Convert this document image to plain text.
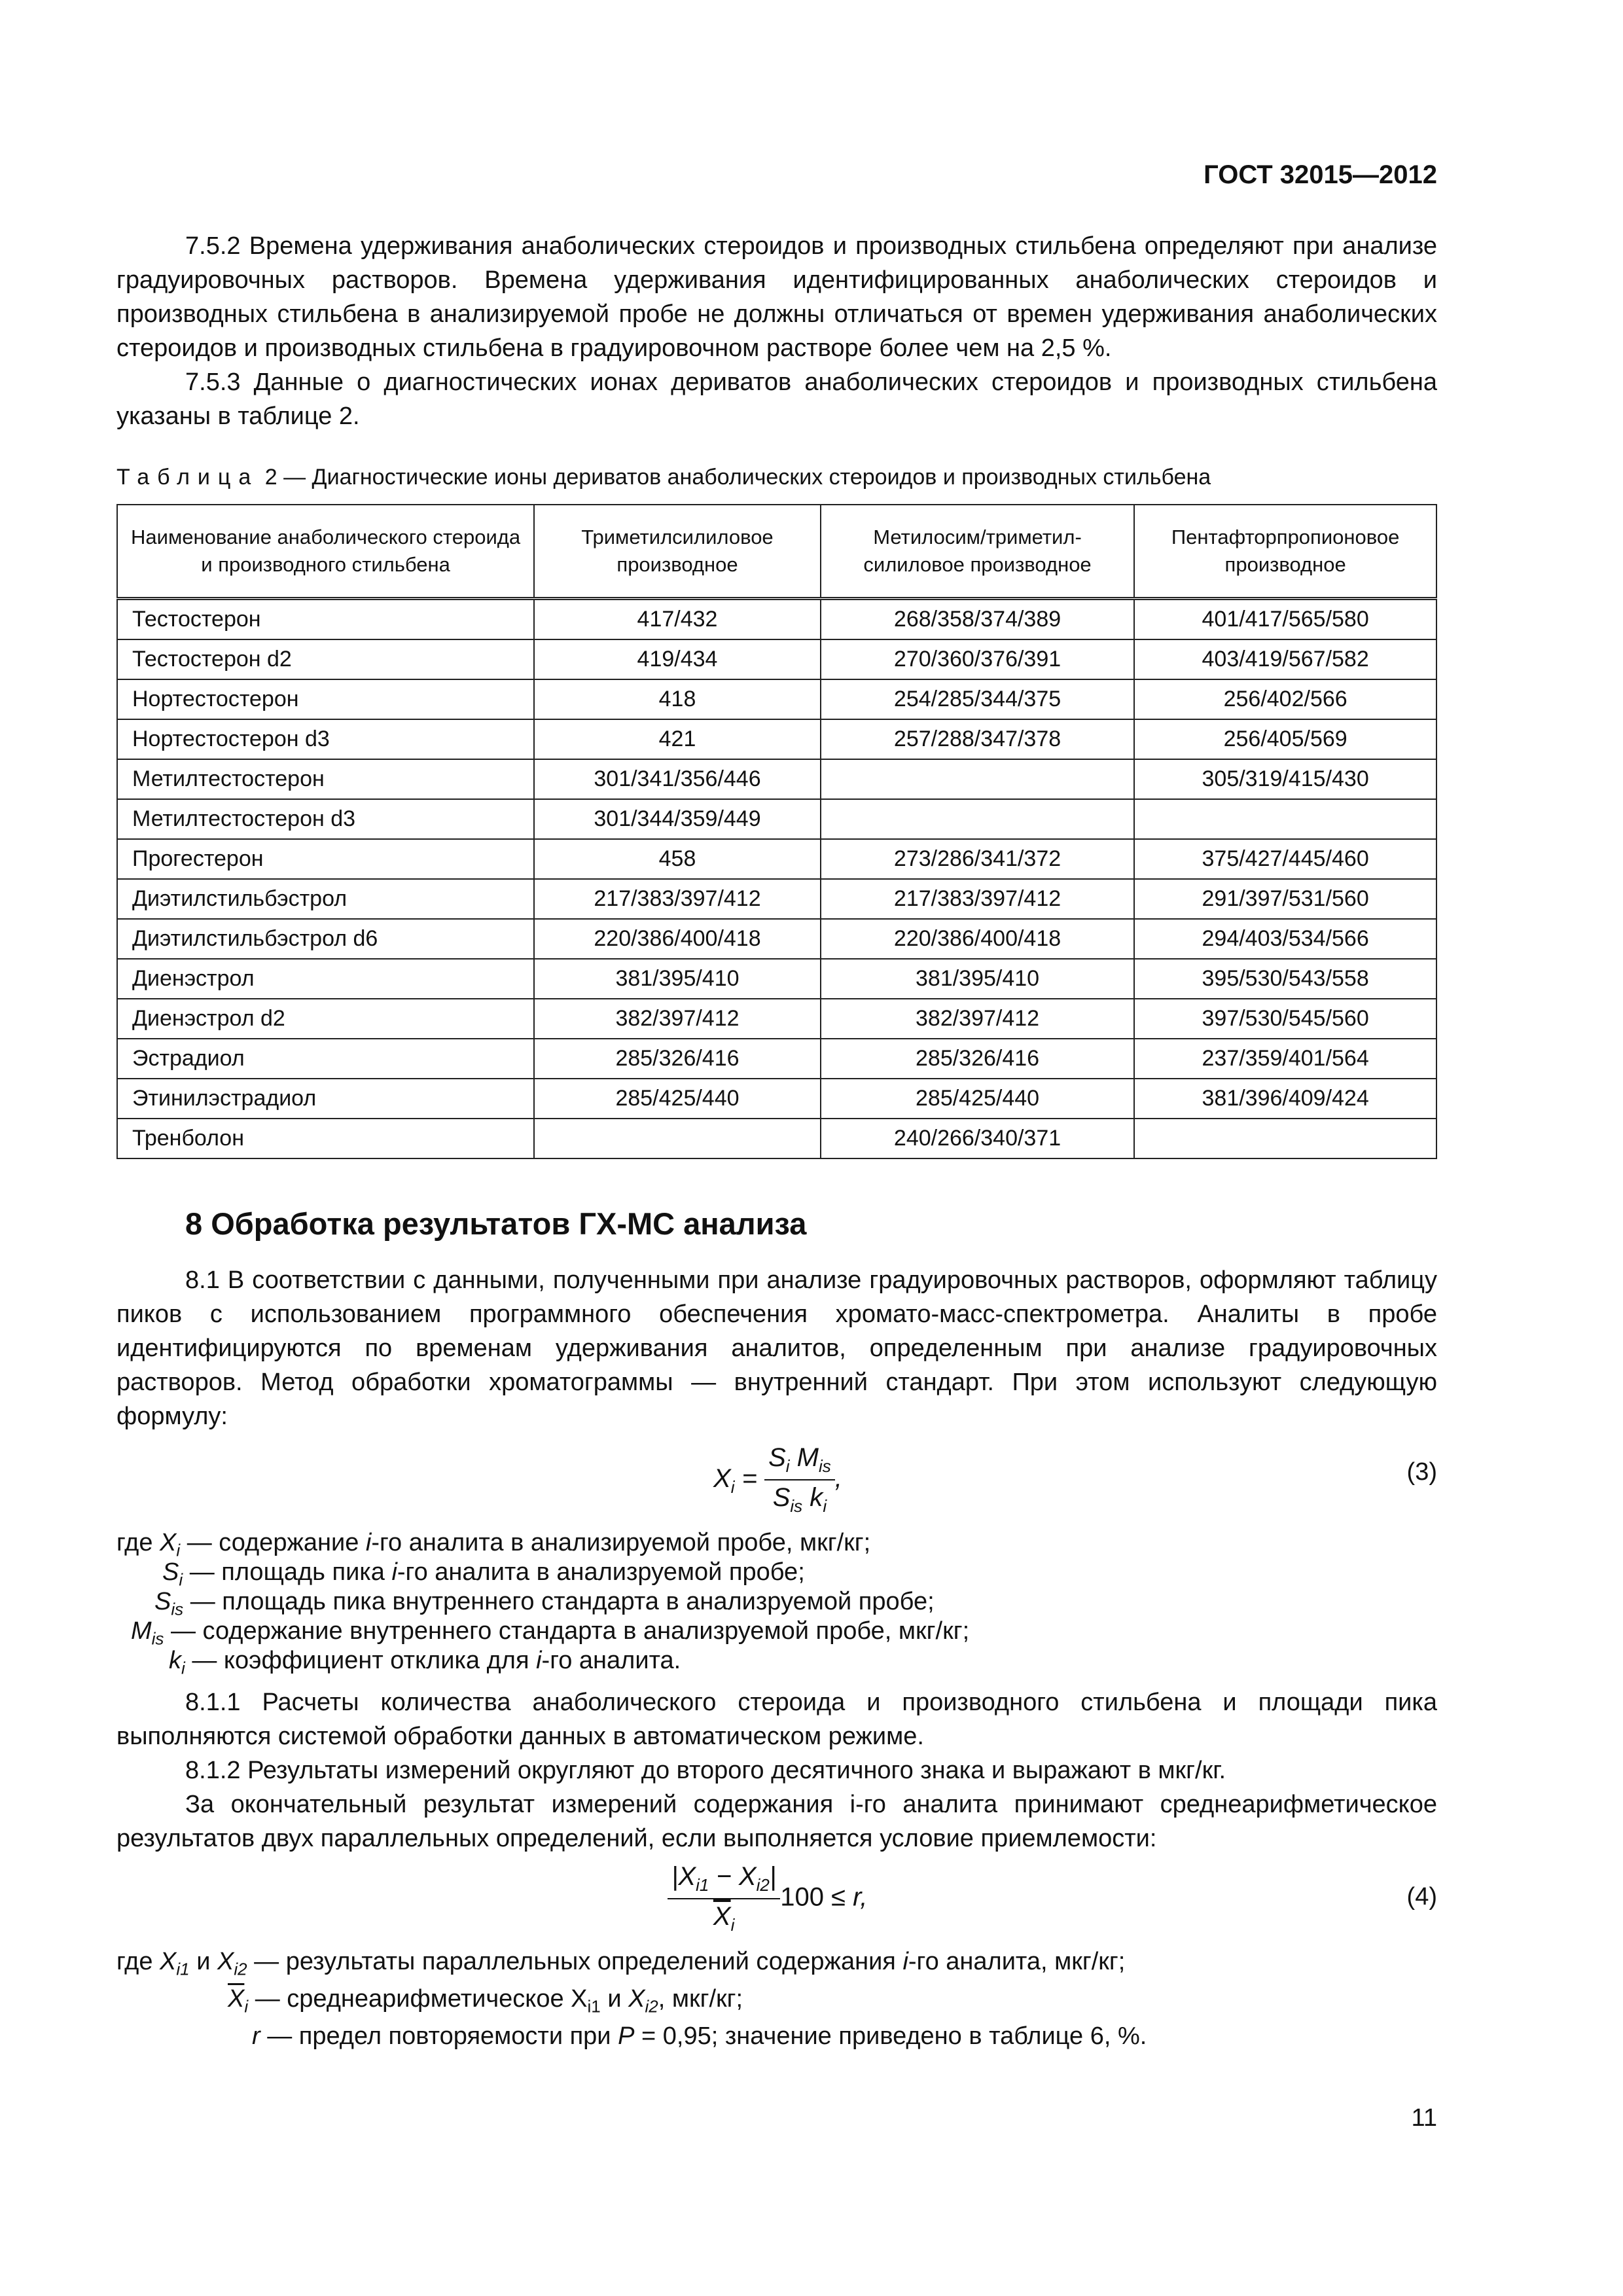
ГОСТ 32015—2012

7.5.2 Времена удерживания анаболических стероидов и производных стильбена определяют при анализе градуировочных растворов. Времена удерживания идентифицированных анаболических стероидов и производных стильбена в анализируемой пробе не должны отличаться от времен удерживания анаболических стероидов и производных стильбена в градуировочном растворе более чем на 2,5 %.

7.5.3 Данные о диагностических ионах дериватов анаболических стероидов и производных стильбена указаны в таблице 2.

Таблица 2 — Диагностические ионы дериватов анаболических стероидов и производных стильбена
Наименование анаболического стероида и производного стильбена	Триметилсилиловое производное	Метилосим/триметил-силиловое производное	Пентафторпропионовое производное
Тестостерон	417/432	268/358/374/389	401/417/565/580
Тестостерон d2	419/434	270/360/376/391	403/419/567/582
Нортестостерон	418	254/285/344/375	256/402/566
Нортестостерон d3	421	257/288/347/378	256/405/569
Метилтестостерон	301/341/356/446		305/319/415/430
Метилтестостерон d3	301/344/359/449		
Прогестерон	458	273/286/341/372	375/427/445/460
Диэтилстильбэстрол	217/383/397/412	217/383/397/412	291/397/531/560
Диэтилстильбэстрол d6	220/386/400/418	220/386/400/418	294/403/534/566
Диенэстрол	381/395/410	381/395/410	395/530/543/558
Диенэстрол d2	382/397/412	382/397/412	397/530/545/560
Эстрадиол	285/326/416	285/326/416	237/359/401/564
Этинилэстрадиол	285/425/440	285/425/440	381/396/409/424
Тренболон		240/266/340/371	
8 Обработка результатов ГХ-МС анализа

8.1 В соответствии с данными, полученными при анализе градуировочных растворов, оформляют таблицу пиков с использованием программного обеспечения хромато-масс-спектрометра. Аналиты в пробе идентифицируются по временам удерживания аналитов, определенным при анализе градуировочных растворов. Метод обработки хроматограммы — внутренний стандарт. При этом используют следующую формулу:

$X_i = \frac{S_i M_{is}}{S_{is} k_i}$ ,	(3)
где $X_i$ — содержание i-го аналита в анализируемой пробе, мкг/кг;
$S_i$ — площадь пика i-го аналита в анализруемой пробе;
$S_{is}$ — площадь пика внутреннего стандарта в анализруемой пробе;
$M_{is}$ — содержание внутреннего стандарта в анализруемой пробе, мкг/кг;
$k_i$ — коэффициент отклика для i-го аналита.

8.1.1 Расчеты количества анаболического стероида и производного стильбена и площади пика выполняются системой обработки данных в автоматическом режиме.

8.1.2 Результаты измерений округляют до второго десятичного знака и выражают в мкг/кг.

За окончательный результат измерений содержания i-го аналита принимают среднеарифметическое результатов двух параллельных определений, если выполняется условие приемлемости:

$\frac{|X_{i1} - X_{i2}|}{\overline{X}_i} 100 \le r$,	(4)
где $X_{i1}$ и $X_{i2}$ — результаты параллельных определений содержания i-го аналита, мкг/кг;
$\overline{X}_i$ — среднеарифметическое $X_{i1}$ и $X_{i2}$, мкг/кг;
r — предел повторяемости при P = 0,95; значение приведено в таблице 6, %.
11
